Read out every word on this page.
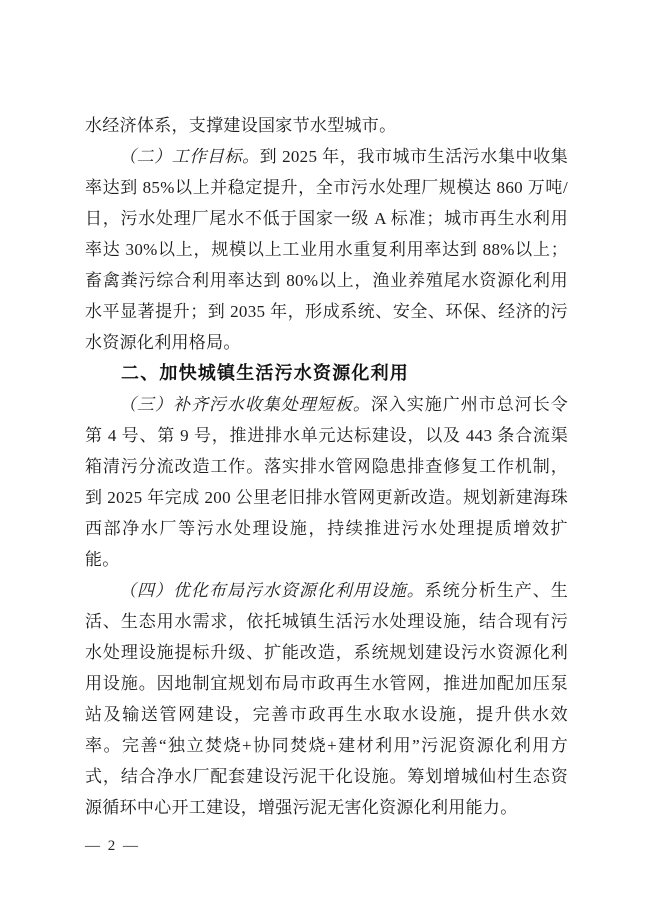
水经济体系，支撑建设国家节水型城市。

（二）工作目标。到 2025 年，我市城市生活污水集中收集率达到 85%以上并稳定提升，全市污水处理厂规模达 860 万吨/日，污水处理厂尾水不低于国家一级 A 标准；城市再生水利用率达 30%以上，规模以上工业用水重复利用率达到 88%以上；畜禽粪污综合利用率达到 80%以上，渔业养殖尾水资源化利用水平显著提升；到 2035 年，形成系统、安全、环保、经济的污水资源化利用格局。

二、加快城镇生活污水资源化利用

（三）补齐污水收集处理短板。深入实施广州市总河长令第 4 号、第 9 号，推进排水单元达标建设，以及 443 条合流渠箱清污分流改造工作。落实排水管网隐患排查修复工作机制，到 2025 年完成 200 公里老旧排水管网更新改造。规划新建海珠西部净水厂等污水处理设施，持续推进污水处理提质增效扩能。

（四）优化布局污水资源化利用设施。系统分析生产、生活、生态用水需求，依托城镇生活污水处理设施，结合现有污水处理设施提标升级、扩能改造，系统规划建设污水资源化利用设施。因地制宜规划布局市政再生水管网，推进加配加压泵站及输送管网建设，完善市政再生水取水设施，提升供水效率。完善“独立焚烧+协同焚烧+建材利用”污泥资源化利用方式，结合净水厂配套建设污泥干化设施。筹划增城仙村生态资源循环中心开工建设，增强污泥无害化资源化利用能力。

— 2 —
